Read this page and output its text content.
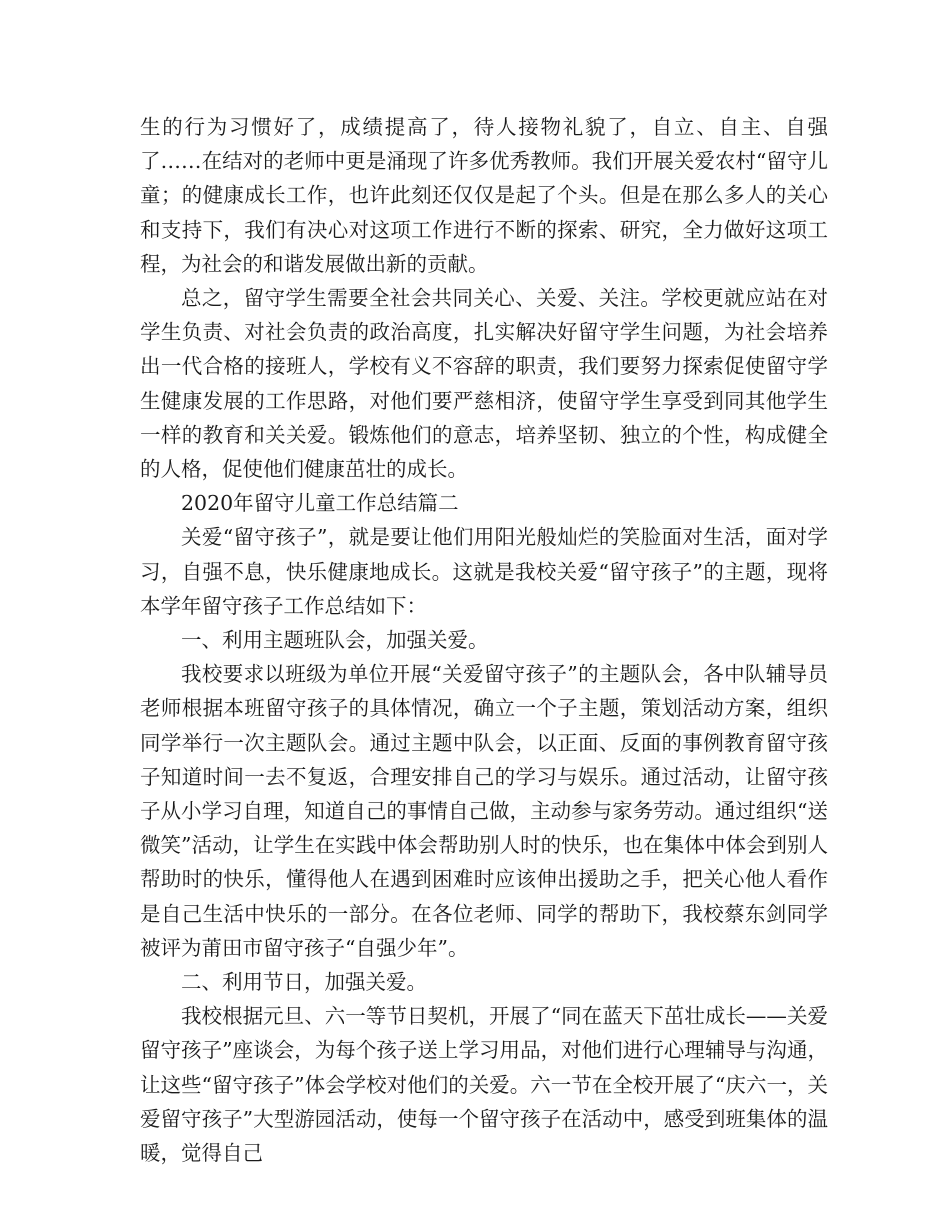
生的行为习惯好了，成绩提高了，待人接物礼貌了，自立、自主、自强了……在结对的老师中更是涌现了许多优秀教师。我们开展关爱农村“留守儿童；的健康成长工作，也许此刻还仅仅是起了个头。但是在那么多人的关心和支持下，我们有决心对这项工作进行不断的探索、研究，全力做好这项工程，为社会的和谐发展做出新的贡献。

总之，留守学生需要全社会共同关心、关爱、关注。学校更就应站在对学生负责、对社会负责的政治高度，扎实解决好留守学生问题，为社会培养出一代合格的接班人，学校有义不容辞的职责，我们要努力探索促使留守学生健康发展的工作思路，对他们要严慈相济，使留守学生享受到同其他学生一样的教育和关关爱。锻炼他们的意志，培养坚韧、独立的个性，构成健全的人格，促使他们健康茁壮的成长。

2020年留守儿童工作总结篇二

关爱“留守孩子”，就是要让他们用阳光般灿烂的笑脸面对生活，面对学习，自强不息，快乐健康地成长。这就是我校关爱“留守孩子”的主题，现将本学年留守孩子工作总结如下：

一、利用主题班队会，加强关爱。

我校要求以班级为单位开展“关爱留守孩子”的主题队会，各中队辅导员老师根据本班留守孩子的具体情况，确立一个子主题，策划活动方案，组织同学举行一次主题队会。通过主题中队会，以正面、反面的事例教育留守孩子知道时间一去不复返，合理安排自己的学习与娱乐。通过活动，让留守孩子从小学习自理，知道自己的事情自己做，主动参与家务劳动。通过组织“送微笑”活动，让学生在实践中体会帮助别人时的快乐，也在集体中体会到别人帮助时的快乐，懂得他人在遇到困难时应该伸出援助之手，把关心他人看作是自己生活中快乐的一部分。在各位老师、同学的帮助下，我校蔡东剑同学被评为莆田市留守孩子“自强少年”。

二、利用节日，加强关爱。

我校根据元旦、六一等节日契机，开展了“同在蓝天下茁壮成长——关爱留守孩子”座谈会，为每个孩子送上学习用品，对他们进行心理辅导与沟通，让这些“留守孩子”体会学校对他们的关爱。六一节在全校开展了“庆六一，关爱留守孩子”大型游园活动，使每一个留守孩子在活动中，感受到班集体的温暖，觉得自己
